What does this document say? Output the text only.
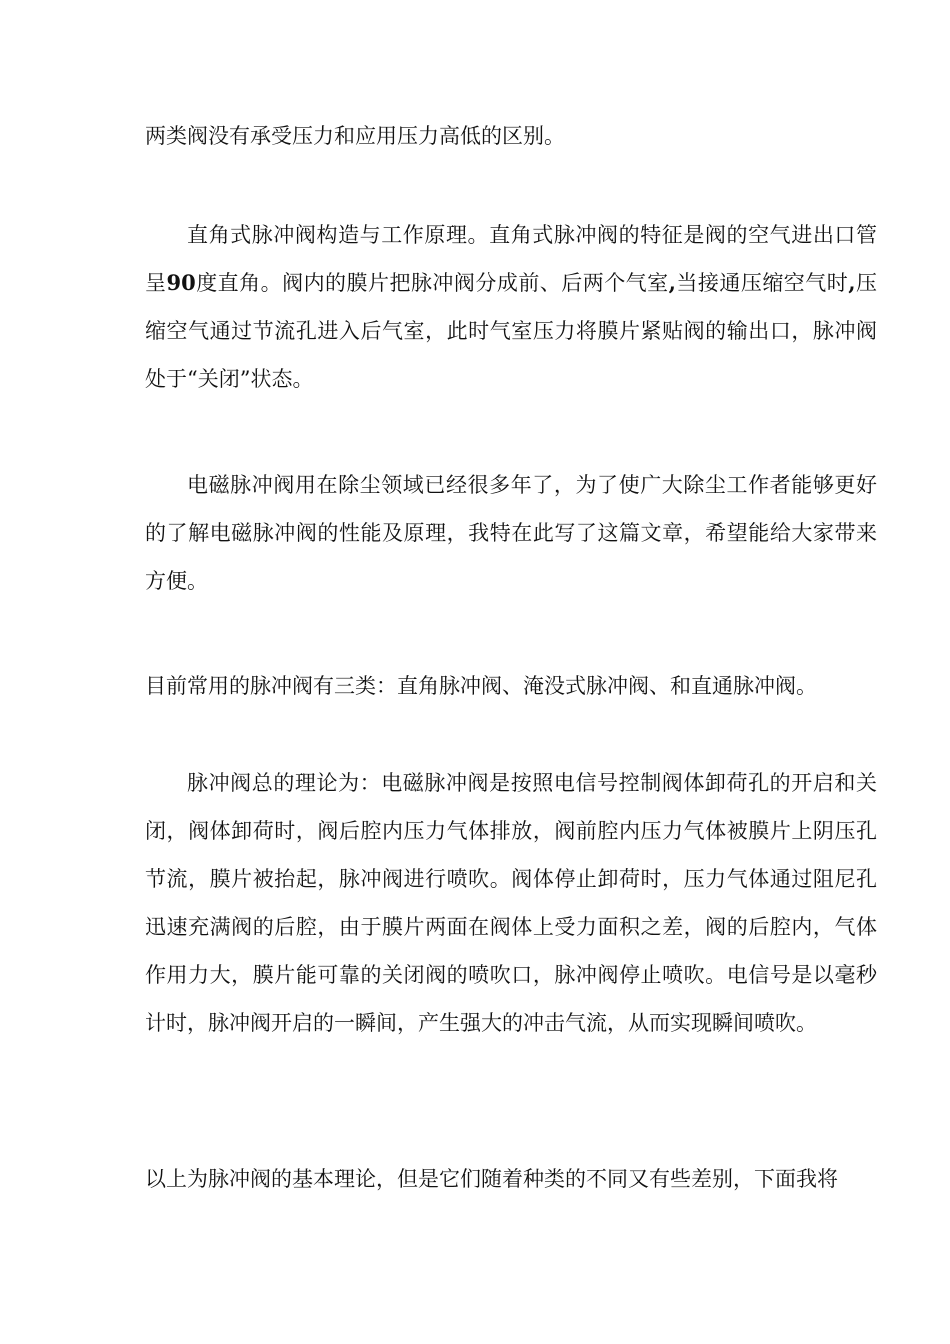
两类阀没有承受压力和应用压力高低的区别。

直角式脉冲阀构造与工作原理。直角式脉冲阀的特征是阀的空气进出口管呈90度直角。阀内的膜片把脉冲阀分成前、后两个气室,当接通压缩空气时,压缩空气通过节流孔进入后气室，此时气室压力将膜片紧贴阀的输出口，脉冲阀处于“关闭”状态。

电磁脉冲阀用在除尘领域已经很多年了，为了使广大除尘工作者能够更好的了解电磁脉冲阀的性能及原理，我特在此写了这篇文章，希望能给大家带来方便。

目前常用的脉冲阀有三类：直角脉冲阀、淹没式脉冲阀、和直通脉冲阀。

脉冲阀总的理论为：电磁脉冲阀是按照电信号控制阀体卸荷孔的开启和关闭，阀体卸荷时，阀后腔内压力气体排放，阀前腔内压力气体被膜片上阴压孔节流，膜片被抬起，脉冲阀进行喷吹。阀体停止卸荷时，压力气体通过阻尼孔迅速充满阀的后腔，由于膜片两面在阀体上受力面积之差，阀的后腔内，气体作用力大，膜片能可靠的关闭阀的喷吹口，脉冲阀停止喷吹。电信号是以毫秒计时，脉冲阀开启的一瞬间，产生强大的冲击气流，从而实现瞬间喷吹。

以上为脉冲阀的基本理论，但是它们随着种类的不同又有些差别，下面我将
